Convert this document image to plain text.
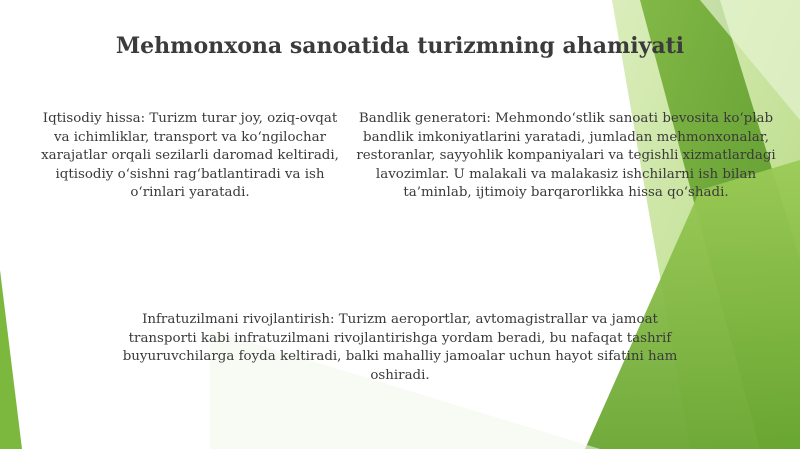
Mehmonxona sanoatida turizmning ahamiyati
Iqtisodiy hissa: Turizm turar joy, oziq-ovqat va ichimliklar, transport va ko‘ngilochar xarajatlar orqali sezilarli daromad keltiradi, iqtisodiy o‘sishni rag‘batlantiradi va ish o‘rinlari yaratadi.
Bandlik generatori: Mehmondo‘stlik sanoati bevosita ko‘plab bandlik imkoniyatlarini yaratadi, jumladan mehmonxonalar, restoranlar, sayyohlik kompaniyalari va tegishli xizmatlardagi lavozimlar. U malakali va malakasiz ishchilarni ish bilan ta’minlab, ijtimoiy barqarorlikka hissa qo‘shadi.
Infratuzilmani rivojlantirish: Turizm aeroportlar, avtomagistrallar va jamoat transporti kabi infratuzilmani rivojlantirishga yordam beradi, bu nafaqat tashrif buyuruvchilarga foyda keltiradi, balki mahalliy jamoalar uchun hayot sifatini ham oshiradi.
